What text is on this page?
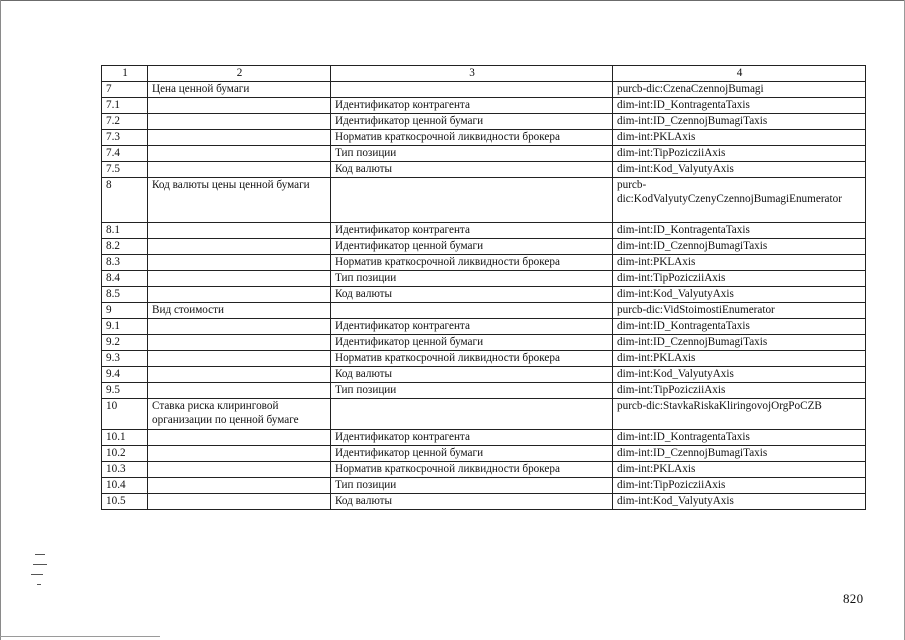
1	2	3	4
7	Цена ценной бумаги		purcb-dic:CzenaCzennojBumagi
7.1		Идентификатор контрагента	dim-int:ID_KontragentaTaxis
7.2		Идентификатор ценной бумаги	dim-int:ID_CzennojBumagiTaxis
7.3		Норматив краткосрочной ликвидности брокера	dim-int:PKLAxis
7.4		Тип позиции	dim-int:TipPozicziiAxis
7.5		Код валюты	dim-int:Kod_ValyutyAxis
8	Код валюты цены ценной бумаги		purcb-dic:KodValyutyCzenyCzennojBumagiEnumerator
8.1		Идентификатор контрагента	dim-int:ID_KontragentaTaxis
8.2		Идентификатор ценной бумаги	dim-int:ID_CzennojBumagiTaxis
8.3		Норматив краткосрочной ликвидности брокера	dim-int:PKLAxis
8.4		Тип позиции	dim-int:TipPozicziiAxis
8.5		Код валюты	dim-int:Kod_ValyutyAxis
9	Вид стоимости		purcb-dic:VidStoimostiEnumerator
9.1		Идентификатор контрагента	dim-int:ID_KontragentaTaxis
9.2		Идентификатор ценной бумаги	dim-int:ID_CzennojBumagiTaxis
9.3		Норматив краткосрочной ликвидности брокера	dim-int:PKLAxis
9.4		Код валюты	dim-int:Kod_ValyutyAxis
9.5		Тип позиции	dim-int:TipPozicziiAxis
10	Ставка риска клиринговой организации по ценной бумаге		purcb-dic:StavkaRiskaKliringovojOrgPoCZB
10.1		Идентификатор контрагента	dim-int:ID_KontragentaTaxis
10.2		Идентификатор ценной бумаги	dim-int:ID_CzennojBumagiTaxis
10.3		Норматив краткосрочной ликвидности брокера	dim-int:PKLAxis
10.4		Тип позиции	dim-int:TipPozicziiAxis
10.5		Код валюты	dim-int:Kod_ValyutyAxis
820
